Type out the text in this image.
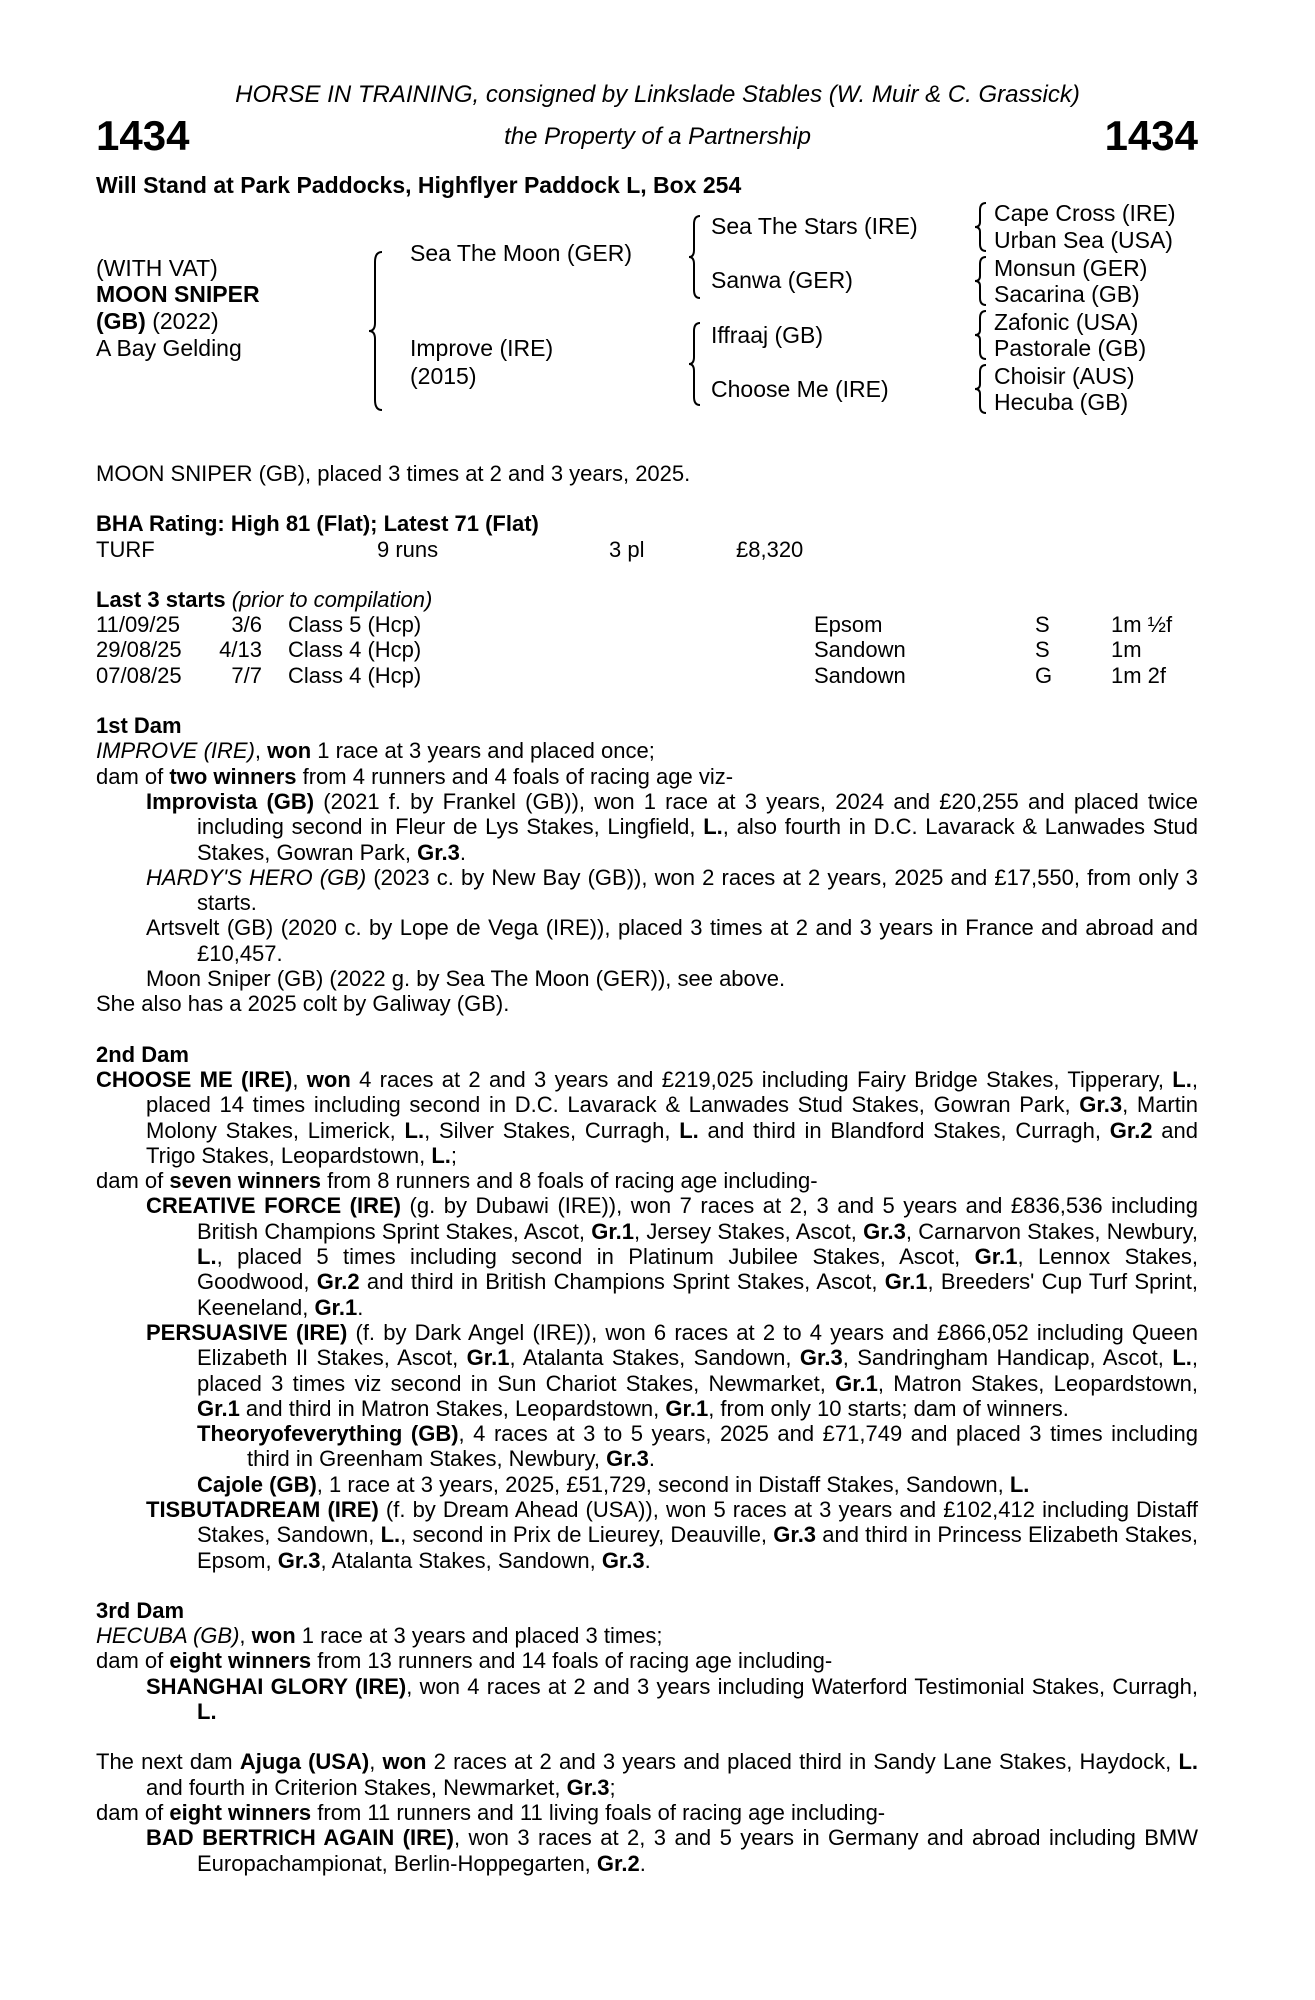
HORSE IN TRAINING, consigned by Linkslade Stables (W. Muir & C. Grassick)
1434	the Property of a Partnership	1434
Will Stand at Park Paddocks, Highflyer Paddock L, Box 254
(WITH VAT)
MOON SNIPER
(GB) (2022)
A Bay Gelding
Sea The Moon (GER)
Improve (IRE)
(2015)
Sea The Stars (IRE)
Sanwa (GER)
Iffraaj (GB)
Choose Me (IRE)
Cape Cross (IRE)
Urban Sea (USA)
Monsun (GER)
Sacarina (GB)
Zafonic (USA)
Pastorale (GB)
Choisir (AUS)
Hecuba (GB)
MOON SNIPER (GB), placed 3 times at 2 and 3 years, 2025.
BHA Rating: High 81 (Flat); Latest 71 (Flat)
TURF	9 runs	3 pl	£8,320
Last 3 starts (prior to compilation)
11/09/25 3/6 Class 5 (Hcp)	Epsom	S	1m ½f
29/08/25 4/13 Class 4 (Hcp)	Sandown	S	1m
07/08/25 7/7 Class 4 (Hcp)	Sandown	G	1m 2f
1st Dam
IMPROVE (IRE), won 1 race at 3 years and placed once;
dam of two winners from 4 runners and 4 foals of racing age viz-
Improvista (GB) (2021 f. by Frankel (GB)), won 1 race at 3 years, 2024 and £20,255 and placed twice including second in Fleur de Lys Stakes, Lingfield, L., also fourth in D.C. Lavarack & Lanwades Stud Stakes, Gowran Park, Gr.3.
HARDY'S HERO (GB) (2023 c. by New Bay (GB)), won 2 races at 2 years, 2025 and £17,550, from only 3 starts.
Artsvelt (GB) (2020 c. by Lope de Vega (IRE)), placed 3 times at 2 and 3 years in France and abroad and £10,457.
Moon Sniper (GB) (2022 g. by Sea The Moon (GER)), see above.
She also has a 2025 colt by Galiway (GB).
2nd Dam
CHOOSE ME (IRE), won 4 races at 2 and 3 years and £219,025 including Fairy Bridge Stakes, Tipperary, L., placed 14 times including second in D.C. Lavarack & Lanwades Stud Stakes, Gowran Park, Gr.3, Martin Molony Stakes, Limerick, L., Silver Stakes, Curragh, L. and third in Blandford Stakes, Curragh, Gr.2 and Trigo Stakes, Leopardstown, L.;
dam of seven winners from 8 runners and 8 foals of racing age including-
CREATIVE FORCE (IRE) (g. by Dubawi (IRE)), won 7 races at 2, 3 and 5 years and £836,536 including British Champions Sprint Stakes, Ascot, Gr.1, Jersey Stakes, Ascot, Gr.3, Carnarvon Stakes, Newbury, L., placed 5 times including second in Platinum Jubilee Stakes, Ascot, Gr.1, Lennox Stakes, Goodwood, Gr.2 and third in British Champions Sprint Stakes, Ascot, Gr.1, Breeders' Cup Turf Sprint, Keeneland, Gr.1.
PERSUASIVE (IRE) (f. by Dark Angel (IRE)), won 6 races at 2 to 4 years and £866,052 including Queen Elizabeth II Stakes, Ascot, Gr.1, Atalanta Stakes, Sandown, Gr.3, Sandringham Handicap, Ascot, L., placed 3 times viz second in Sun Chariot Stakes, Newmarket, Gr.1, Matron Stakes, Leopardstown, Gr.1 and third in Matron Stakes, Leopardstown, Gr.1, from only 10 starts; dam of winners.
Theoryofeverything (GB), 4 races at 3 to 5 years, 2025 and £71,749 and placed 3 times including third in Greenham Stakes, Newbury, Gr.3.
Cajole (GB), 1 race at 3 years, 2025, £51,729, second in Distaff Stakes, Sandown, L.
TISBUTADREAM (IRE) (f. by Dream Ahead (USA)), won 5 races at 3 years and £102,412 including Distaff Stakes, Sandown, L., second in Prix de Lieurey, Deauville, Gr.3 and third in Princess Elizabeth Stakes, Epsom, Gr.3, Atalanta Stakes, Sandown, Gr.3.
3rd Dam
HECUBA (GB), won 1 race at 3 years and placed 3 times;
dam of eight winners from 13 runners and 14 foals of racing age including-
SHANGHAI GLORY (IRE), won 4 races at 2 and 3 years including Waterford Testimonial Stakes, Curragh, L.
The next dam Ajuga (USA), won 2 races at 2 and 3 years and placed third in Sandy Lane Stakes, Haydock, L. and fourth in Criterion Stakes, Newmarket, Gr.3;
dam of eight winners from 11 runners and 11 living foals of racing age including-
BAD BERTRICH AGAIN (IRE), won 3 races at 2, 3 and 5 years in Germany and abroad including BMW Europachampionat, Berlin-Hoppegarten, Gr.2.
